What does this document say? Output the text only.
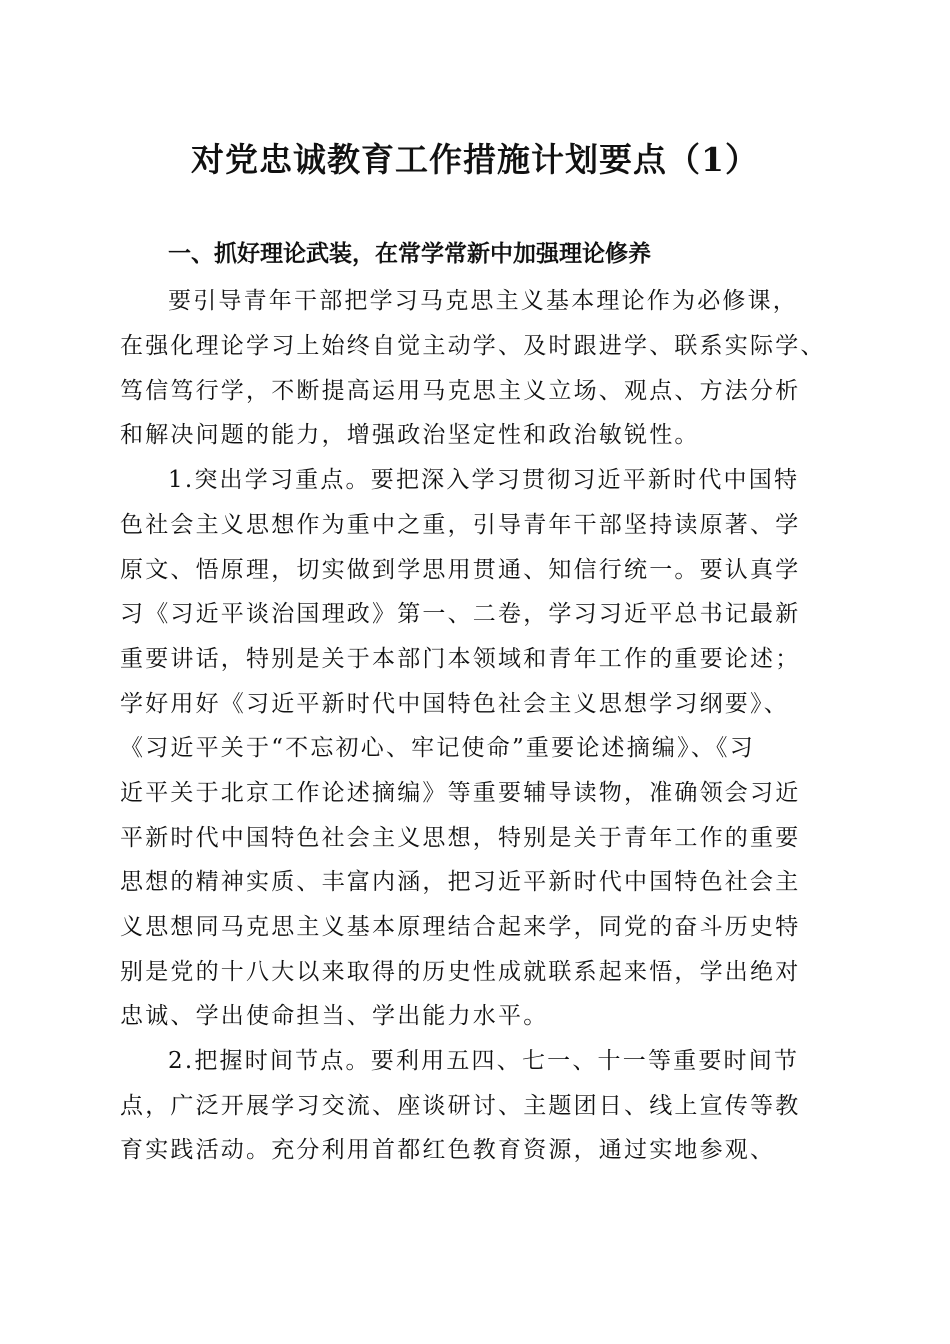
对党忠诚教育工作措施计划要点（1）
一、抓好理论武装，在常学常新中加强理论修养

要引导青年干部把学习马克思主义基本理论作为必修课，

在强化理论学习上始终自觉主动学、及时跟进学、联系实际学、

笃信笃行学，不断提高运用马克思主义立场、观点、方法分析

和解决问题的能力，增强政治坚定性和政治敏锐性。

1.突出学习重点。要把深入学习贯彻习近平新时代中国特

色社会主义思想作为重中之重，引导青年干部坚持读原著、学

原文、悟原理，切实做到学思用贯通、知信行统一。要认真学

习《习近平谈治国理政》第一、二卷，学习习近平总书记最新

重要讲话，特别是关于本部门本领域和青年工作的重要论述；

学好用好《习近平新时代中国特色社会主义思想学习纲要》、

《习近平关于“不忘初心、牢记使命”重要论述摘编》、《习

近平关于北京工作论述摘编》等重要辅导读物，准确领会习近

平新时代中国特色社会主义思想，特别是关于青年工作的重要

思想的精神实质、丰富内涵，把习近平新时代中国特色社会主

义思想同马克思主义基本原理结合起来学，同党的奋斗历史特

别是党的十八大以来取得的历史性成就联系起来悟，学出绝对

忠诚、学出使命担当、学出能力水平。

2.把握时间节点。要利用五四、七一、十一等重要时间节

点，广泛开展学习交流、座谈研讨、主题团日、线上宣传等教

育实践活动。充分利用首都红色教育资源，通过实地参观、
